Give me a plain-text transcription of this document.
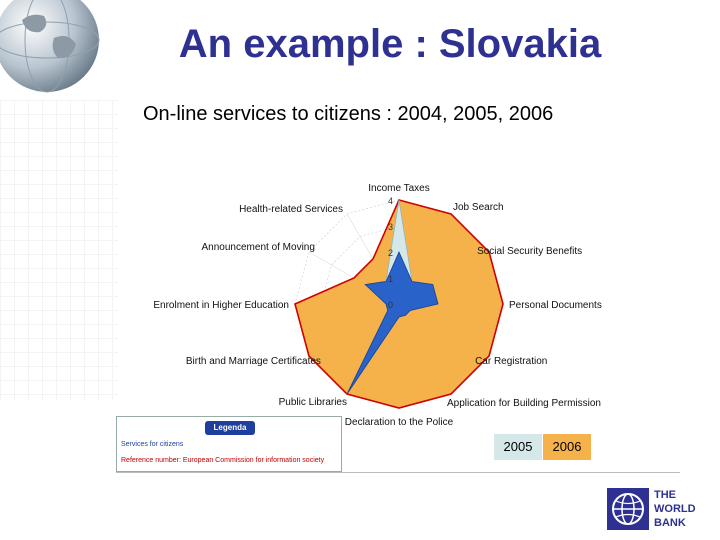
An example : Slovakia
On-line services to citizens : 2004, 2005, 2006
0
1
2
3
4
Income Taxes
Job Search
Social Security Benefits
Personal Documents
Car Registration
Application for Building Permission
Declaration to the Police
Public Libraries
Birth and Marriage Certificates
Enrolment in Higher Education
Announcement of Moving
Health-related Services
Legenda
Services for citizens
Reference number: European Commission for information society
2005	2006
THE
WORLD
BANK
